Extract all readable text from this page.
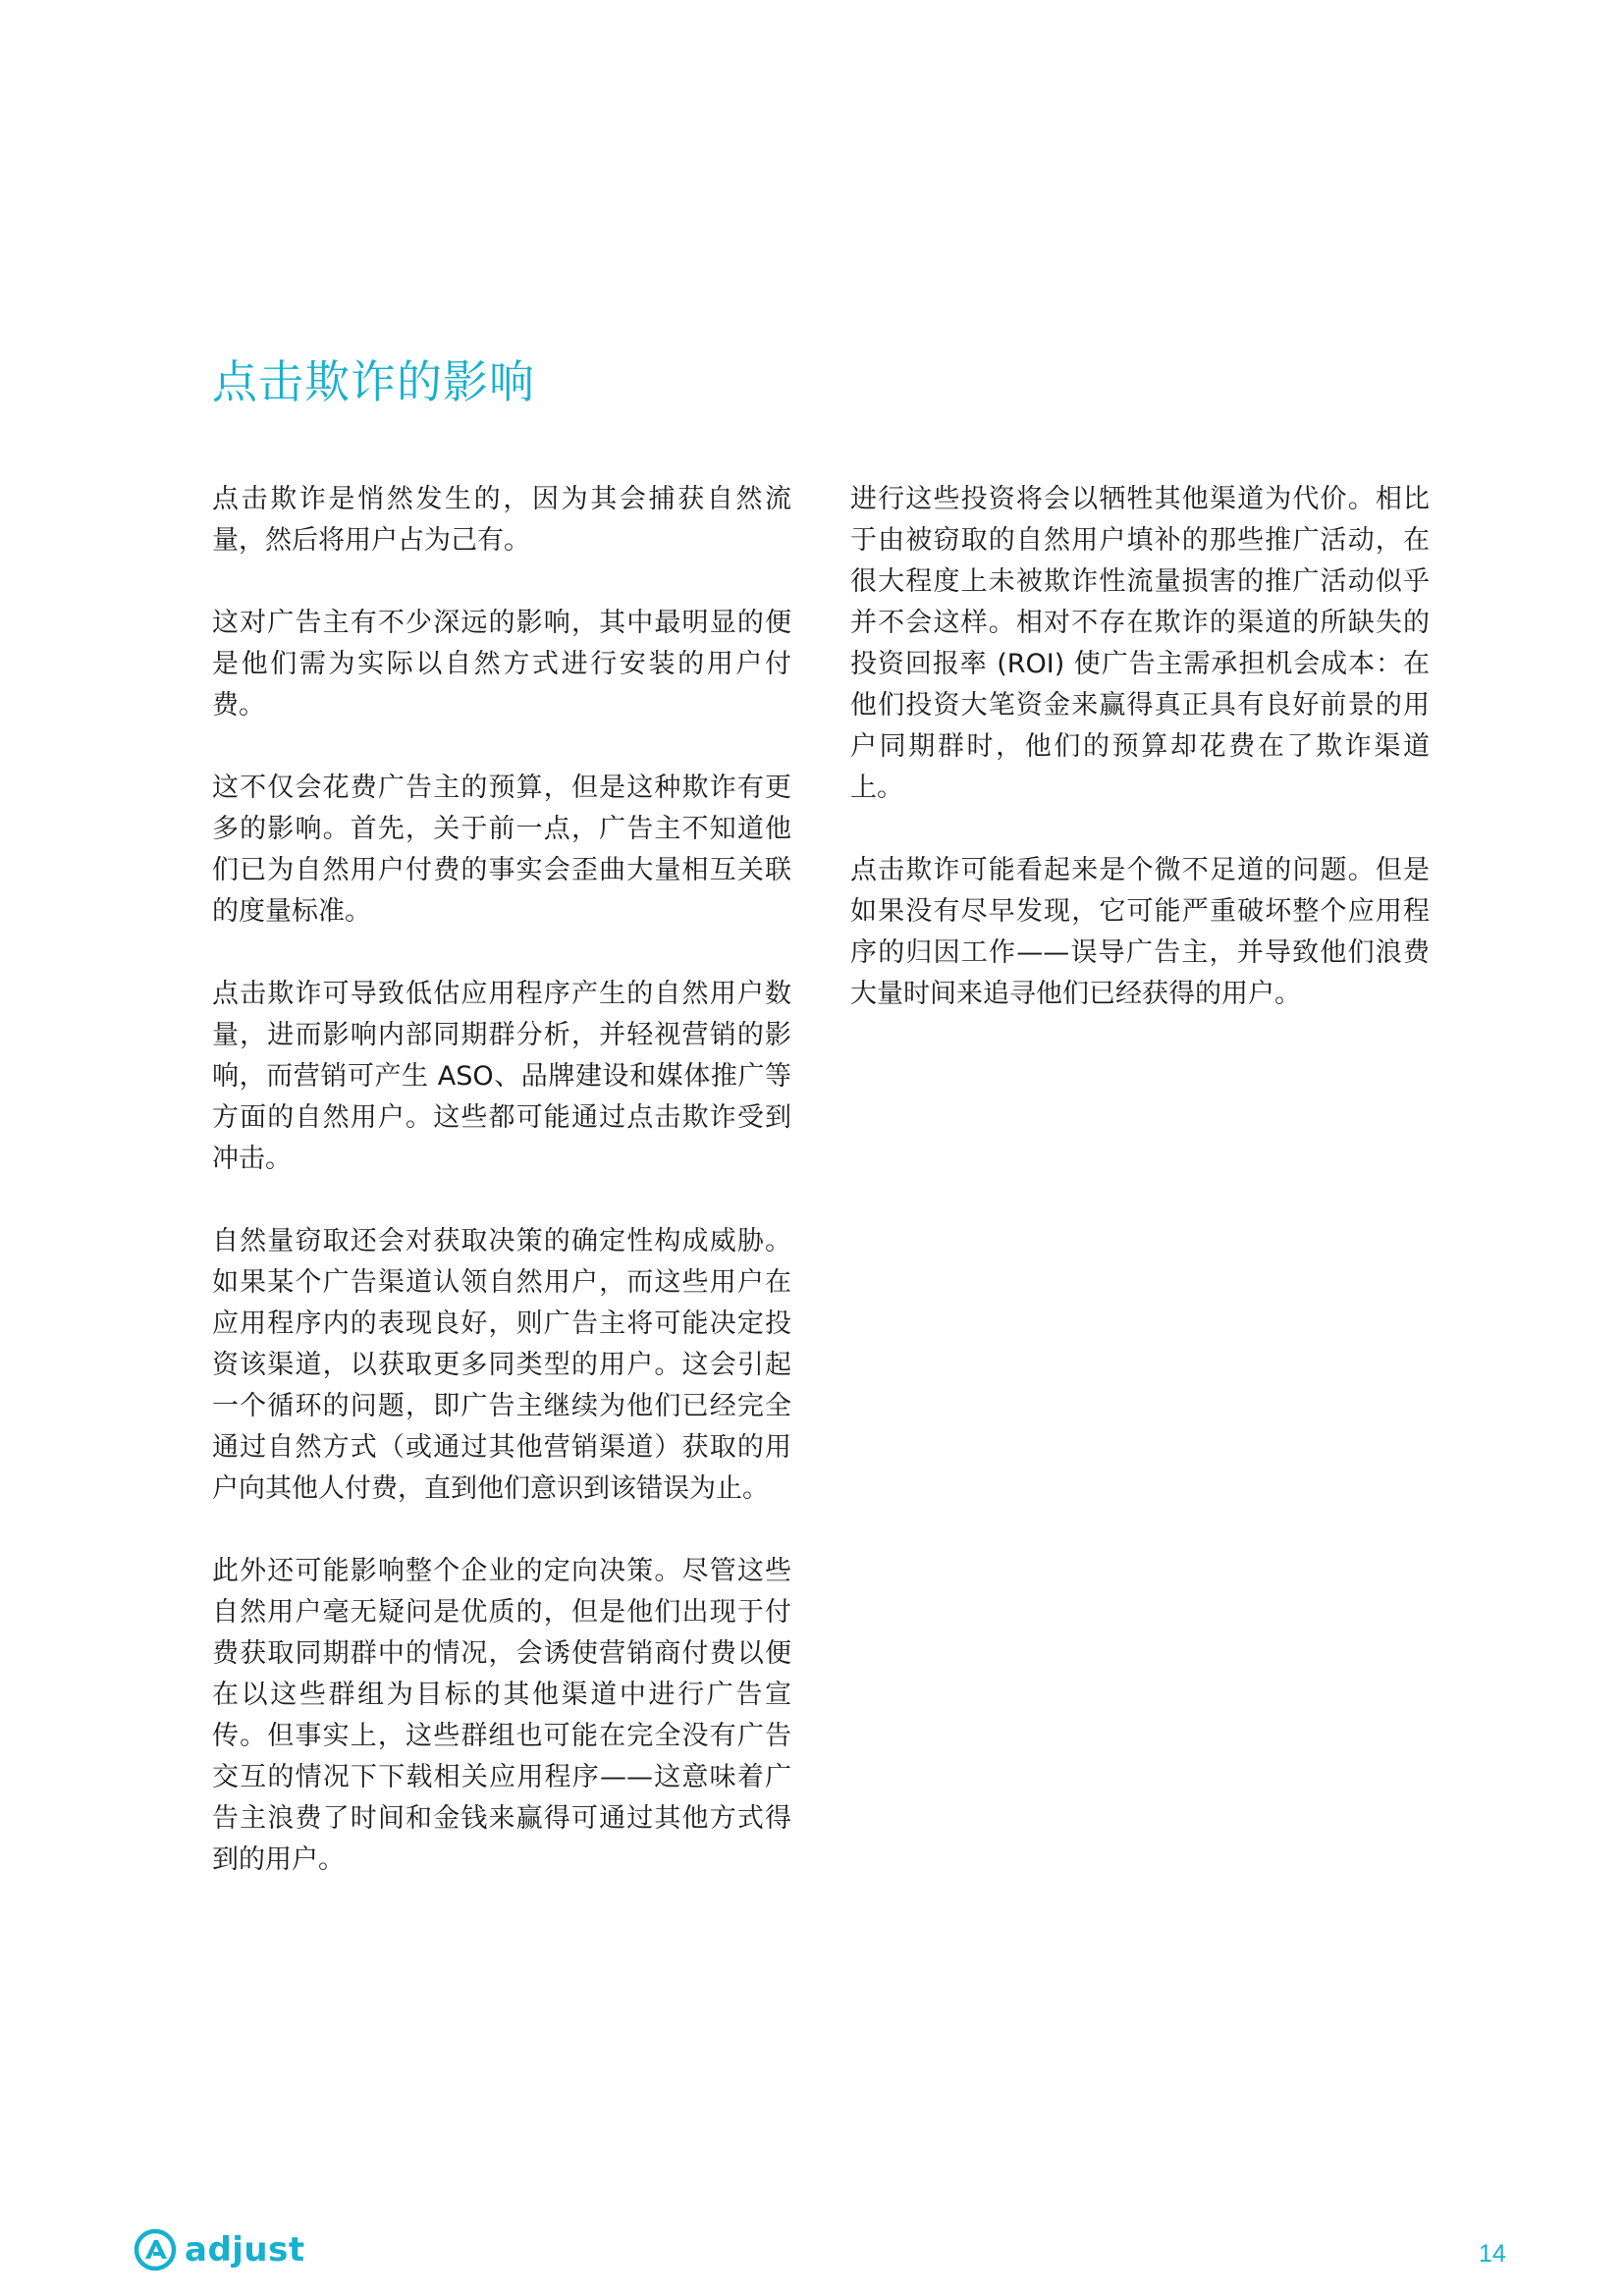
点击欺诈的影响

点击欺诈是悄然发生的，因为其会捕获自然流量，然后将用户占为己有。

这对广告主有不少深远的影响，其中最明显的便是他们需为实际以自然方式进行安装的用户付费。

这不仅会花费广告主的预算，但是这种欺诈有更多的影响。首先，关于前一点，广告主不知道他们已为自然用户付费的事实会歪曲大量相互关联的度量标准。

点击欺诈可导致低估应用程序产生的自然用户数量，进而影响内部同期群分析，并轻视营销的影响，而营销可产生 ASO、品牌建设和媒体推广等方面的自然用户。这些都可能通过点击欺诈受到冲击。

自然量窃取还会对获取决策的确定性构成威胁。如果某个广告渠道认领自然用户，而这些用户在应用程序内的表现良好，则广告主将可能决定投资该渠道，以获取更多同类型的用户。这会引起一个循环的问题，即广告主继续为他们已经完全通过自然方式（或通过其他营销渠道）获取的用户向其他人付费，直到他们意识到该错误为止。

此外还可能影响整个企业的定向决策。尽管这些自然用户毫无疑问是优质的，但是他们出现于付费获取同期群中的情况，会诱使营销商付费以便在以这些群组为目标的其他渠道中进行广告宣传。但事实上，这些群组也可能在完全没有广告交互的情况下下载相关应用程序——这意味着广告主浪费了时间和金钱来赢得可通过其他方式得到的用户。

进行这些投资将会以牺牲其他渠道为代价。相比于由被窃取的自然用户填补的那些推广活动，在很大程度上未被欺诈性流量损害的推广活动似乎并不会这样。相对不存在欺诈的渠道的所缺失的投资回报率 (ROI) 使广告主需承担机会成本：在他们投资大笔资金来赢得真正具有良好前景的用户同期群时，他们的预算却花费在了欺诈渠道上。

点击欺诈可能看起来是个微不足道的问题。但是如果没有尽早发现，它可能严重破坏整个应用程序的归因工作——误导广告主，并导致他们浪费大量时间来追寻他们已经获得的用户。

adjust	14
